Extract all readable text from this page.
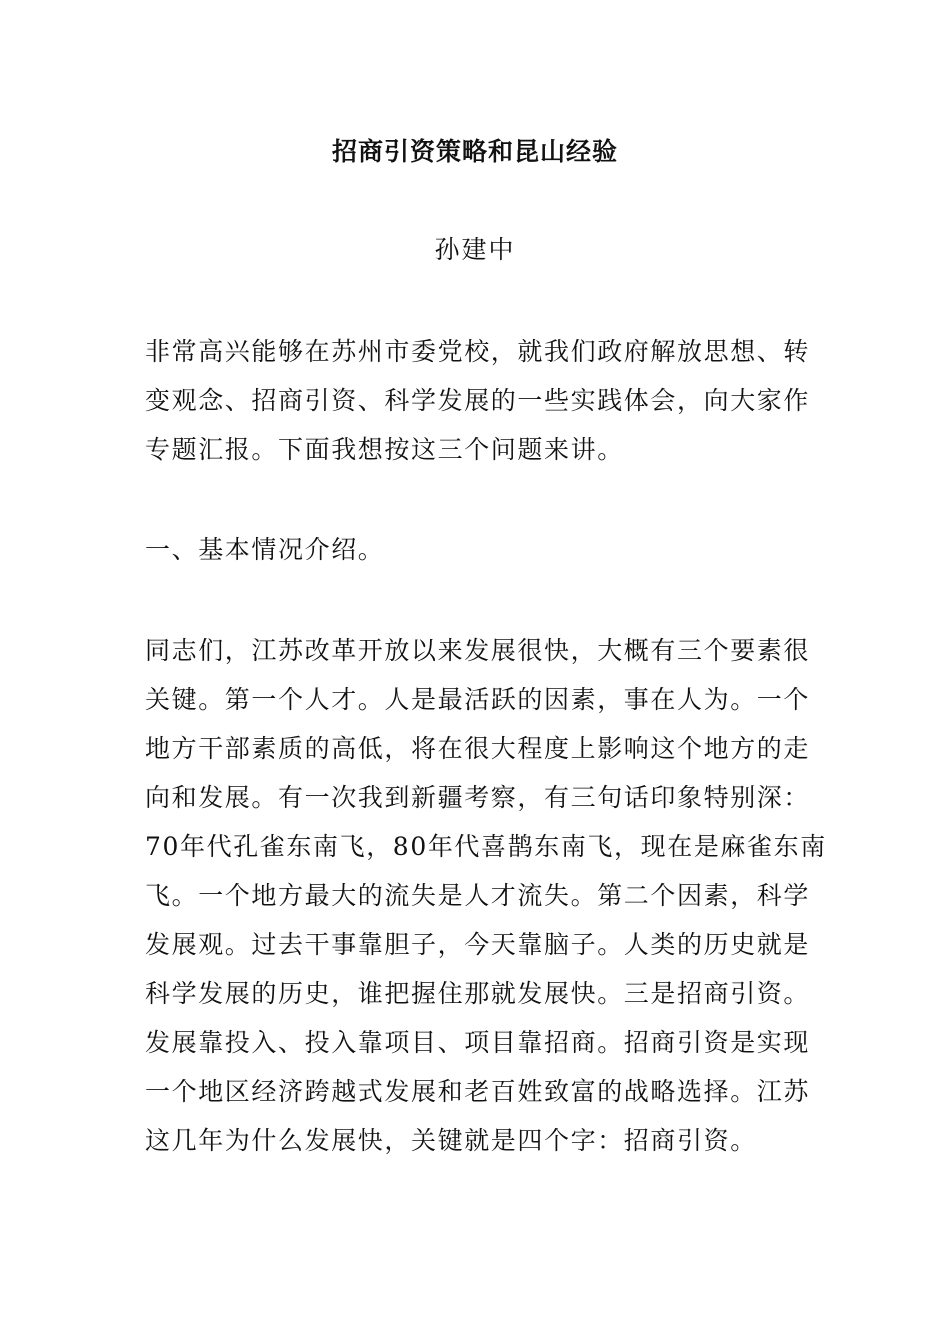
招商引资策略和昆山经验
孙建中
非常高兴能够在苏州市委党校，就我们政府解放思想、转
变观念、招商引资、科学发展的一些实践体会，向大家作
专题汇报。下面我想按这三个问题来讲。
一、基本情况介绍。
同志们，江苏改革开放以来发展很快，大概有三个要素很
关键。第一个人才。人是最活跃的因素，事在人为。一个
地方干部素质的高低，将在很大程度上影响这个地方的走
向和发展。有一次我到新疆考察，有三句话印象特别深：
70年代孔雀东南飞，80年代喜鹊东南飞，现在是麻雀东南
飞。一个地方最大的流失是人才流失。第二个因素，科学
发展观。过去干事靠胆子，今天靠脑子。人类的历史就是
科学发展的历史，谁把握住那就发展快。三是招商引资。
发展靠投入、投入靠项目、项目靠招商。招商引资是实现
一个地区经济跨越式发展和老百姓致富的战略选择。江苏
这几年为什么发展快，关键就是四个字：招商引资。
